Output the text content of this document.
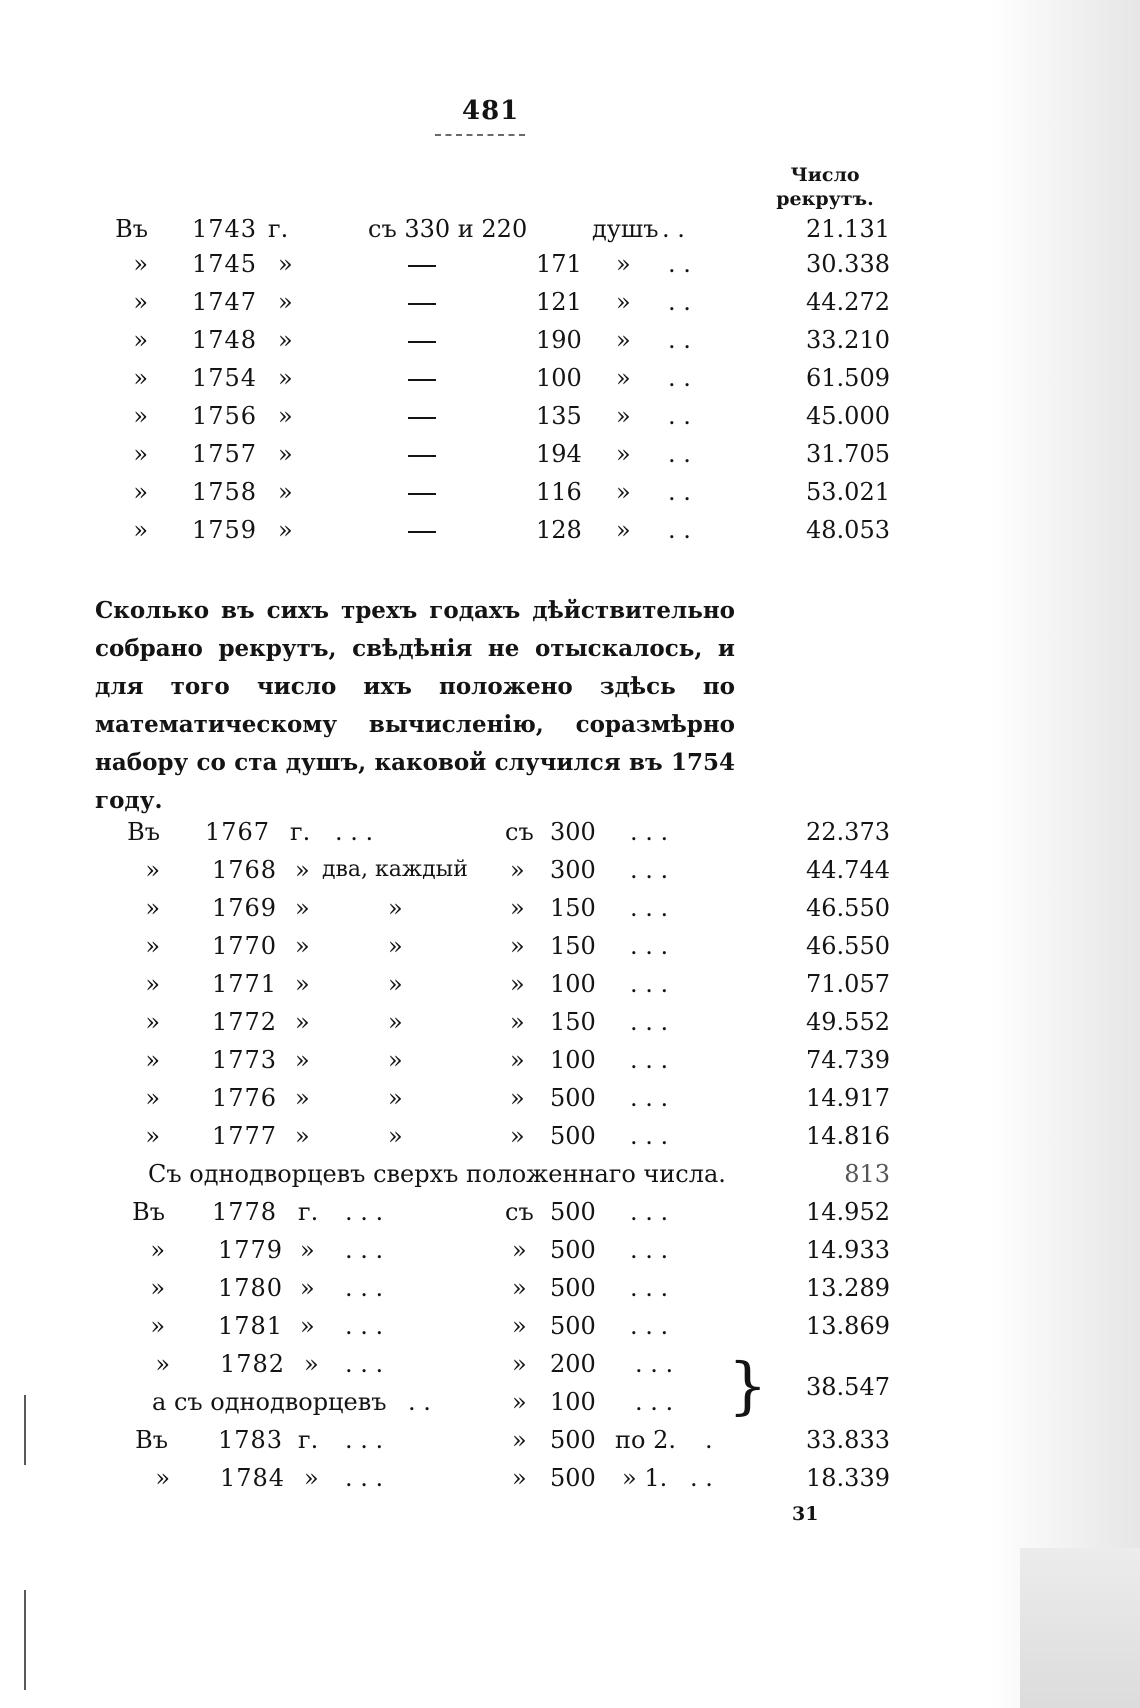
481
Число
рекрутъ.
Въ 1743 г.	съ 330 и 220	душъ . .	21.131
» 1745 »	171 » . .	30.338
» 1747 »	121 » . .	44.272
» 1748 »	190 » . .	33.210
» 1754 »	100 » . .	61.509
» 1756 »	135 » . .	45.000
» 1757 »	194 » . .	31.705
» 1758 »	116 » . .	53.021
» 1759 »	128 » . .	48.053
Сколько въ сихъ трехъ годахъ дѣйствительно собрано рекрутъ, свѣдѣнія не отыскалось, и для того число ихъ положено здѣсь по математическому вычисленію, соразмѣрно набору со ста душъ, каковой случился въ 1754 году.
Въ 1767 г. . . .	съ 300 . . .	22.373
» 1768 » два, каждый » 300 . . .	44.744
» 1769 »	»	» 150 . . .	46.550
» 1770 »	»	» 150 . . .	46.550
» 1771 »	»	» 100 . . .	71.057
» 1772 »	»	» 150 . . .	49.552
» 1773 »	»	» 100 . . .	74.739
» 1776 »	»	» 500 . . .	14.917
» 1777 »	»	» 500 . . .	14.816
Съ однодворцевъ сверхъ положеннаго числа.	813
Въ 1778 г. . . .	съ 500 . . .	14.952
» 1779 » . . .	» 500 . . .	14.933
» 1780 » . . .	» 500 . . .	13.289
» 1781 » . . .	» 500 . . .	13.869
» 1782 » . . .	» 200 . . .
а съ однодворцевъ . .	» 100 . . . }	38.547
Въ 1783 г. . . .	» 500 по 2. .	33.833
» 1784 » . . .	» 500 » 1. . .	18.339
31
